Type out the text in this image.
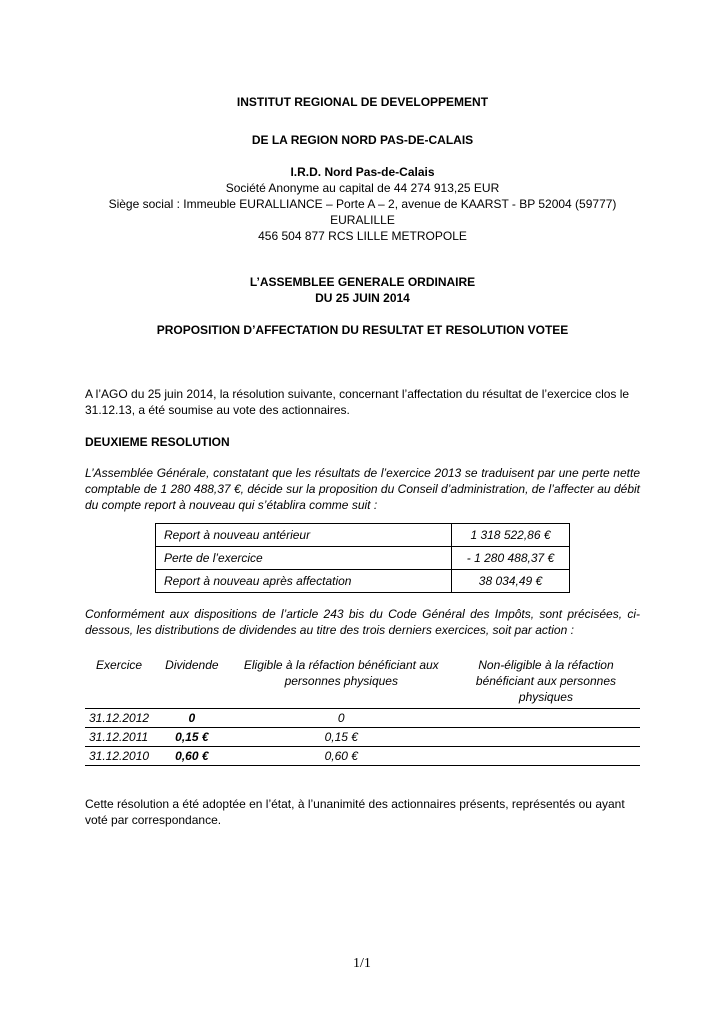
INSTITUT REGIONAL DE DEVELOPPEMENT
DE LA REGION NORD PAS-DE-CALAIS
I.R.D. Nord Pas-de-Calais
Société Anonyme au capital de 44 274 913,25 EUR
Siège social : Immeuble EURALLIANCE – Porte A – 2, avenue de KAARST - BP 52004 (59777) EURALILLE
456 504 877 RCS LILLE METROPOLE
L’ASSEMBLEE GENERALE ORDINAIRE
DU 25 JUIN 2014
PROPOSITION D’AFFECTATION DU RESULTAT ET RESOLUTION VOTEE

A l’AGO du 25 juin 2014, la résolution suivante, concernant l’affectation du résultat de l’exercice clos le 31.12.13, a été soumise au vote des actionnaires.

DEUXIEME RESOLUTION

L’Assemblée Générale, constatant que les résultats de l’exercice 2013 se traduisent par une perte nette comptable de 1 280 488,37 €, décide sur la proposition du Conseil d’administration, de l’affecter au débit du compte report à nouveau qui s’établira comme suit :

Report à nouveau antérieur	1 318 522,86 €
Perte de l’exercice	- 1 280 488,37 €
Report à nouveau après affectation	38 034,49 €

Conformément aux dispositions de l’article 243 bis du Code Général des Impôts, sont précisées, ci-dessous, les distributions de dividendes au titre des trois derniers exercices, soit par action :

Exercice	Dividende	Eligible à la réfaction bénéficiant aux personnes physiques	Non-éligible à la réfaction bénéficiant aux personnes physiques
31.12.2012	0	0	
31.12.2011	0,15 €	0,15 €	
31.12.2010	0,60 €	0,60 €	

Cette résolution a été adoptée en l’état, à l’unanimité des actionnaires présents, représentés ou ayant voté par correspondance.

1/1
